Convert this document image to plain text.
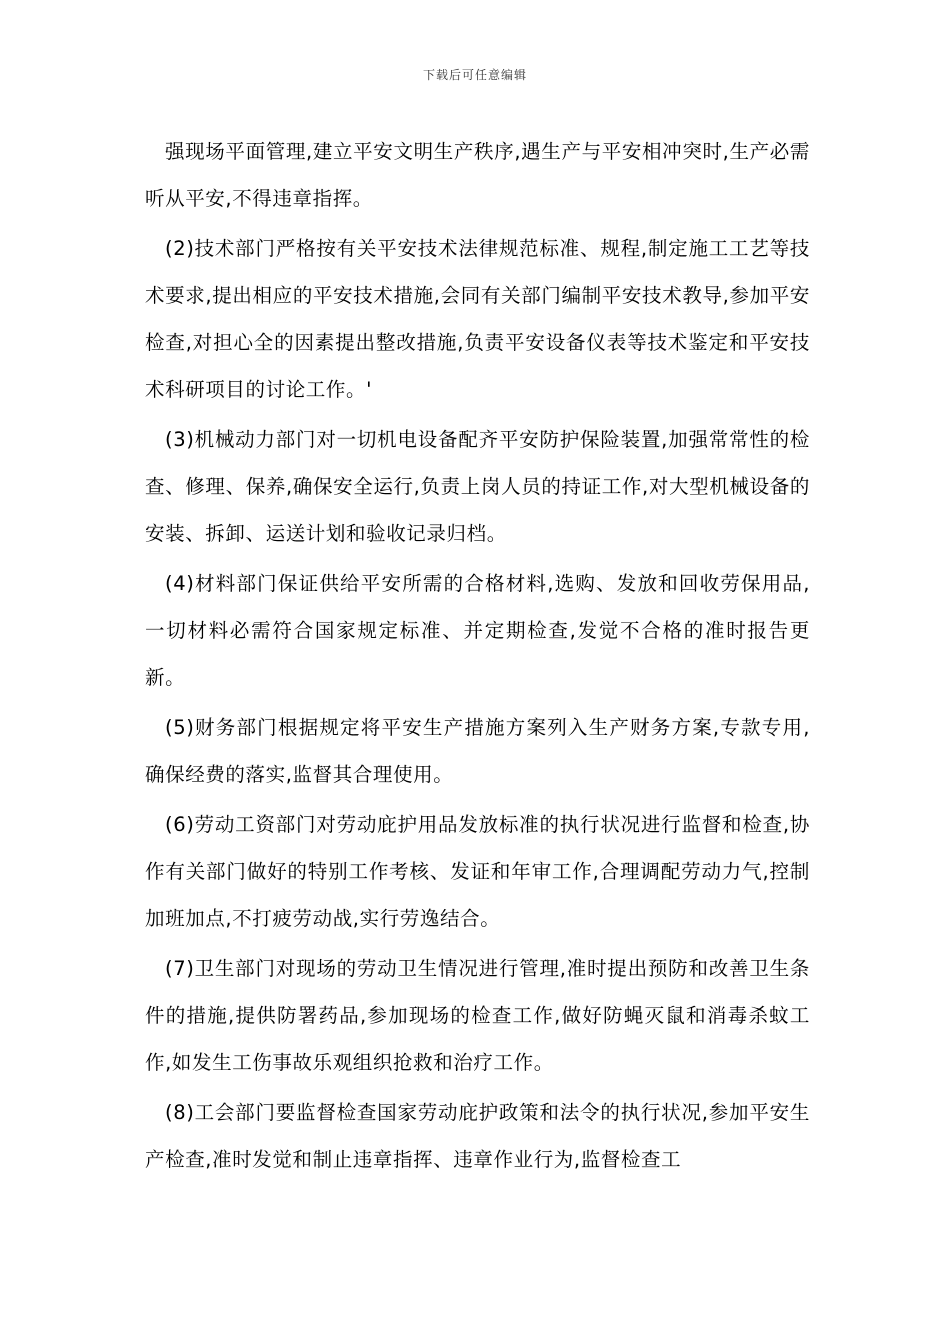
下载后可任意编辑

强现场平面管理,建立平安文明生产秩序,遇生产与平安相冲突时,生产必需听从平安,不得违章指挥。

(2)技术部门严格按有关平安技术法律规范标准、规程,制定施工工艺等技术要求,提出相应的平安技术措施,会同有关部门编制平安技术教导,参加平安检查,对担心全的因素提出整改措施,负责平安设备仪表等技术鉴定和平安技术科研项目的讨论工作。'

(3)机械动力部门对一切机电设备配齐平安防护保险装置,加强常常性的检查、修理、保养,确保安全运行,负责上岗人员的持证工作,对大型机械设备的安装、拆卸、运送计划和验收记录归档。

(4)材料部门保证供给平安所需的合格材料,选购、发放和回收劳保用品,一切材料必需符合国家规定标准、并定期检查,发觉不合格的准时报告更新。

(5)财务部门根据规定将平安生产措施方案列入生产财务方案,专款专用,确保经费的落实,监督其合理使用。

(6)劳动工资部门对劳动庇护用品发放标准的执行状况进行监督和检查,协作有关部门做好的特别工作考核、发证和年审工作,合理调配劳动力气,控制加班加点,不打疲劳动战,实行劳逸结合。

(7)卫生部门对现场的劳动卫生情况进行管理,准时提出预防和改善卫生条件的措施,提供防署药品,参加现场的检查工作,做好防蝇灭鼠和消毒杀蚊工作,如发生工伤事故乐观组织抢救和治疗工作。

(8)工会部门要监督检查国家劳动庇护政策和法令的执行状况,参加平安生产检查,准时发觉和制止违章指挥、违章作业行为,监督检查工
